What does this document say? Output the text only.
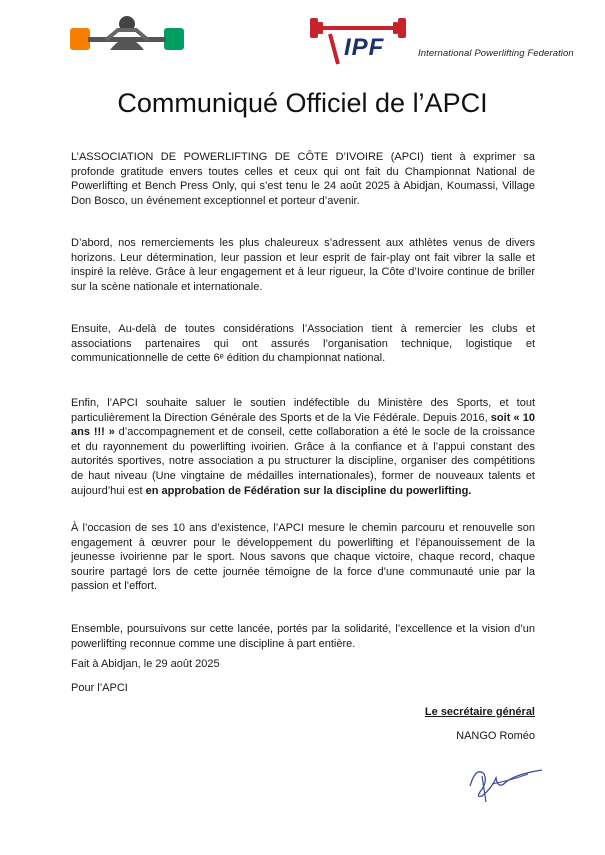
IPF	International Powerlifting Federation
Communiqué Officiel de l’APCI

L’ASSOCIATION DE POWERLIFTING DE CÔTE D’IVOIRE (APCI) tient à exprimer sa profonde gratitude envers toutes celles et ceux qui ont fait du Championnat National de Powerlifting et Bench Press Only, qui s’est tenu le 24 août 2025 à Abidjan, Koumassi, Village Don Bosco, un événement exceptionnel et porteur d’avenir.

D’abord, nos remerciements les plus chaleureux s’adressent aux athlètes venus de divers horizons. Leur détermination, leur passion et leur esprit de fair-play ont fait vibrer la salle et inspiré la relève. Grâce à leur engagement et à leur rigueur, la Côte d’Ivoire continue de briller sur la scène nationale et internationale.

Ensuite, Au-delà de toutes considérations l’Association tient à remercier les clubs et associations partenaires qui ont assurés l’organisation technique, logistique et communicationnelle de cette 6ᵉ édition du championnat national.

Enfin, l’APCI souhaite saluer le soutien indéfectible du Ministère des Sports, et tout particulièrement la Direction Générale des Sports et de la Vie Fédérale. Depuis 2016, soit « 10 ans !!! » d’accompagnement et de conseil, cette collaboration a été le socle de la croissance et du rayonnement du powerlifting ivoirien. Grâce à la confiance et à l’appui constant des autorités sportives, notre association a pu structurer la discipline, organiser des compétitions de haut niveau (Une vingtaine de médailles internationales), former de nouveaux talents et aujourd’hui est en approbation de Fédération sur la discipline du powerlifting.

À l’occasion de ses 10 ans d’existence, l’APCI mesure le chemin parcouru et renouvelle son engagement à œuvrer pour le développement du powerlifting et l’épanouissement de la jeunesse ivoirienne par le sport. Nous savons que chaque victoire, chaque record, chaque sourire partagé lors de cette journée témoigne de la force d’une communauté unie par la passion et l’effort.

Ensemble, poursuivons sur cette lancée, portés par la solidarité, l’excellence et la vision d’un powerlifting reconnue comme une discipline à part entière.

Fait à Abidjan, le 29 août 2025
Pour l’APCI
Le secrétaire général
NANGO Roméo
